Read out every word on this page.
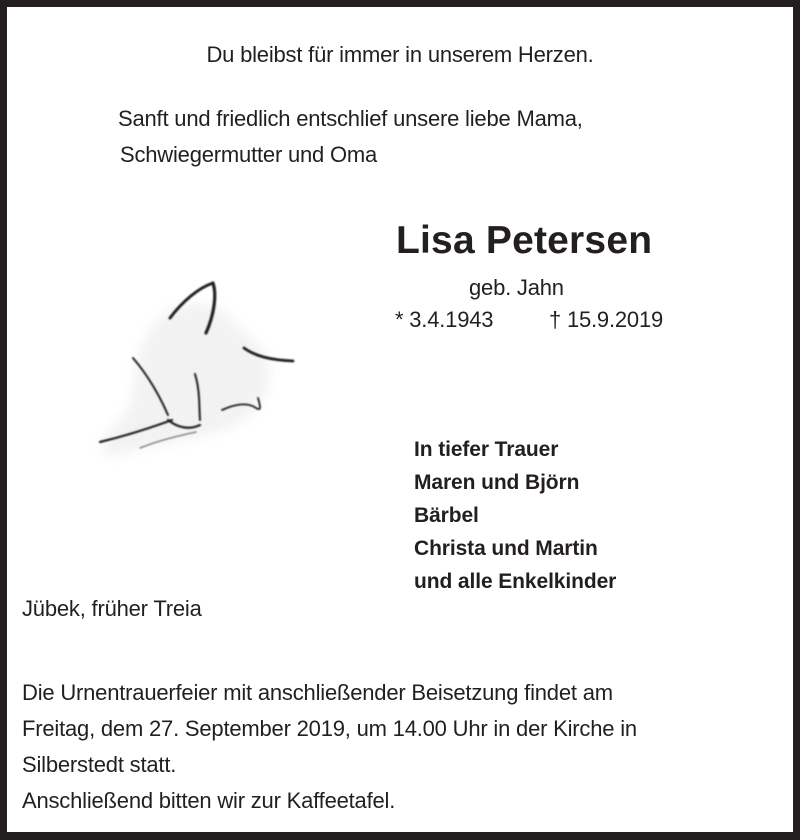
Du bleibst für immer in unserem Herzen.
Sanft und friedlich entschlief unsere liebe Mama,
Schwiegermutter und Oma
Lisa Petersen
geb. Jahn
* 3.4.1943	† 15.9.2019
In tiefer Trauer
Maren und Björn
Bärbel
Christa und Martin
und alle Enkelkinder
Jübek, früher Treia
Die Urnentrauerfeier mit anschließender Beisetzung findet am
Freitag, dem 27. September 2019, um 14.00 Uhr in der Kirche in
Silberstedt statt.
Anschließend bitten wir zur Kaffeetafel.
